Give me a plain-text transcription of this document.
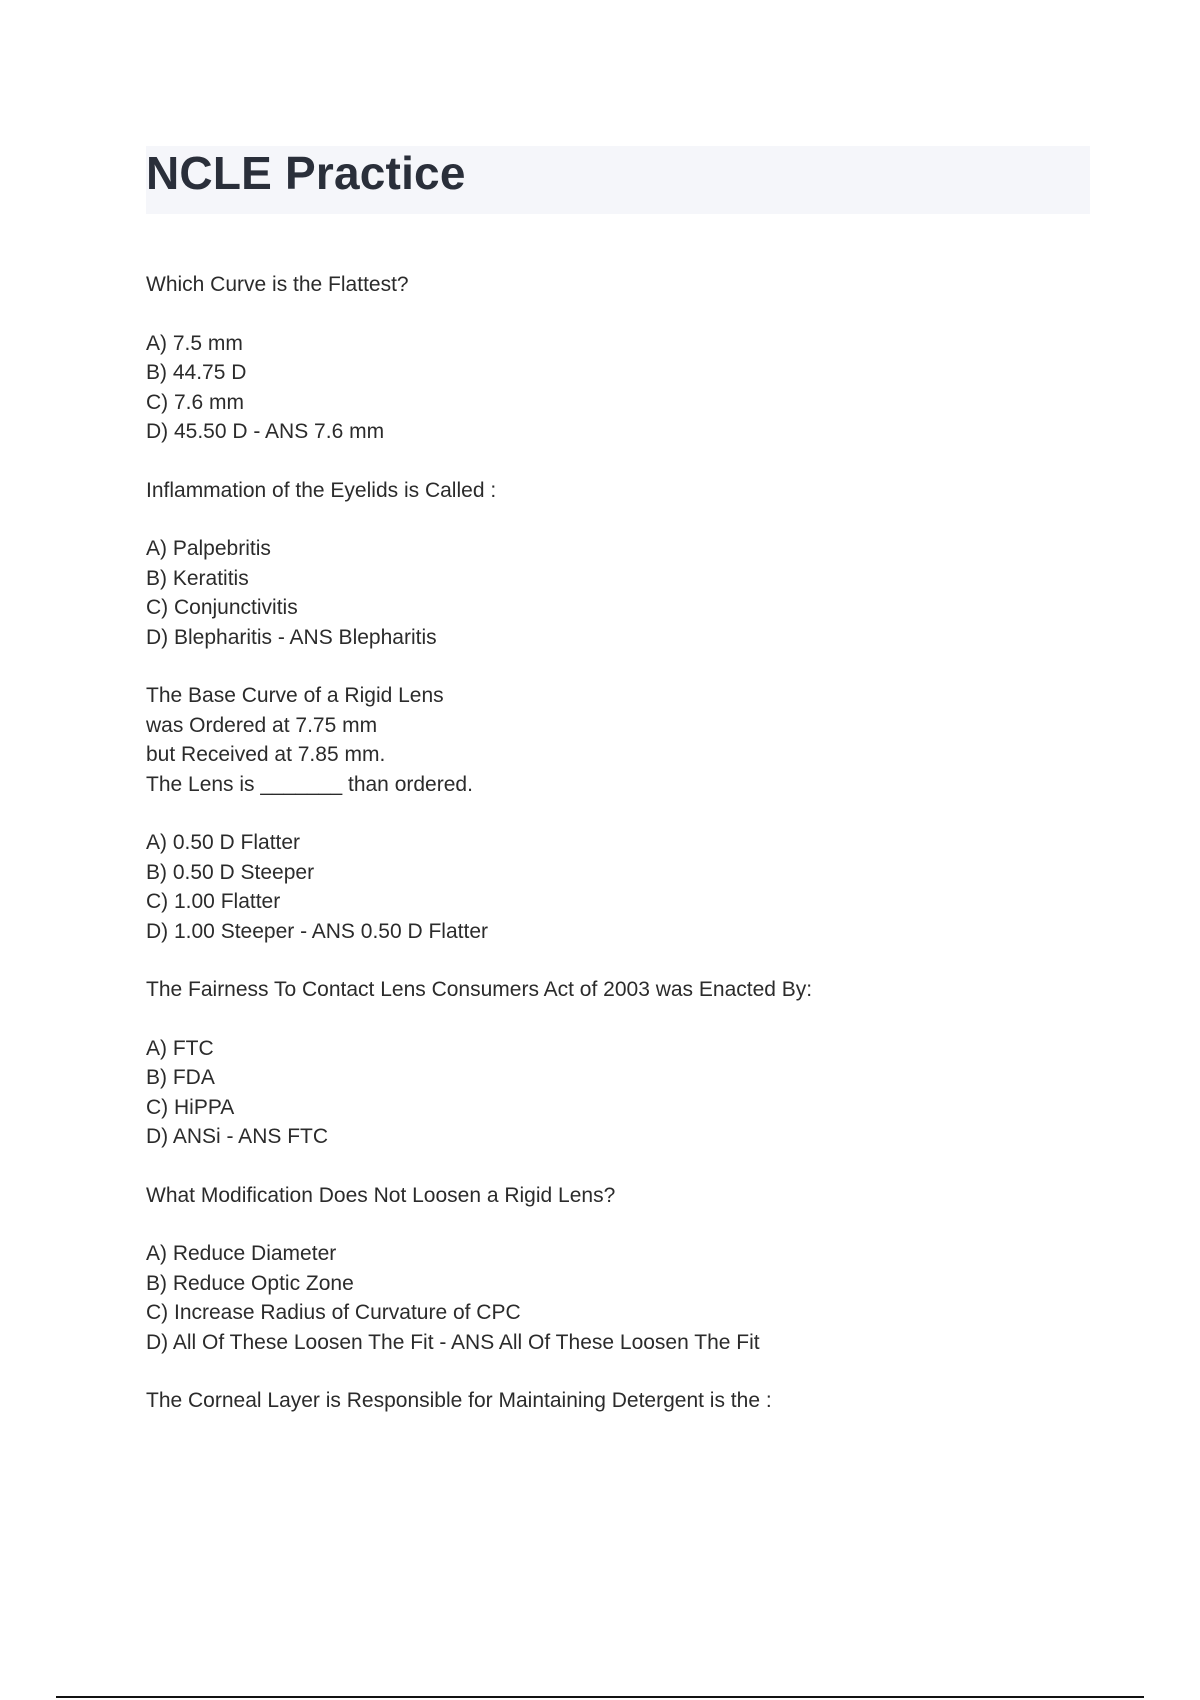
NCLE Practice
Which Curve is the Flattest?
A) 7.5 mm
B) 44.75 D
C) 7.6 mm
D) 45.50 D - ANS 7.6 mm
Inflammation of the Eyelids is Called :
A) Palpebritis
B) Keratitis
C) Conjunctivitis
D) Blepharitis - ANS Blepharitis
The Base Curve of a Rigid Lens
was Ordered at 7.75 mm
but Received at 7.85 mm.
The Lens is _______ than ordered.
A) 0.50 D Flatter
B) 0.50 D Steeper
C) 1.00 Flatter
D) 1.00 Steeper - ANS 0.50 D Flatter
The Fairness To Contact Lens Consumers Act of 2003 was Enacted By:
A) FTC
B) FDA
C) HiPPA
D) ANSi - ANS FTC
What Modification Does Not Loosen a Rigid Lens?
A) Reduce Diameter
B) Reduce Optic Zone
C) Increase Radius of Curvature of CPC
D) All Of These Loosen The Fit - ANS All Of These Loosen The Fit
The Corneal Layer is Responsible for Maintaining Detergent is the :
